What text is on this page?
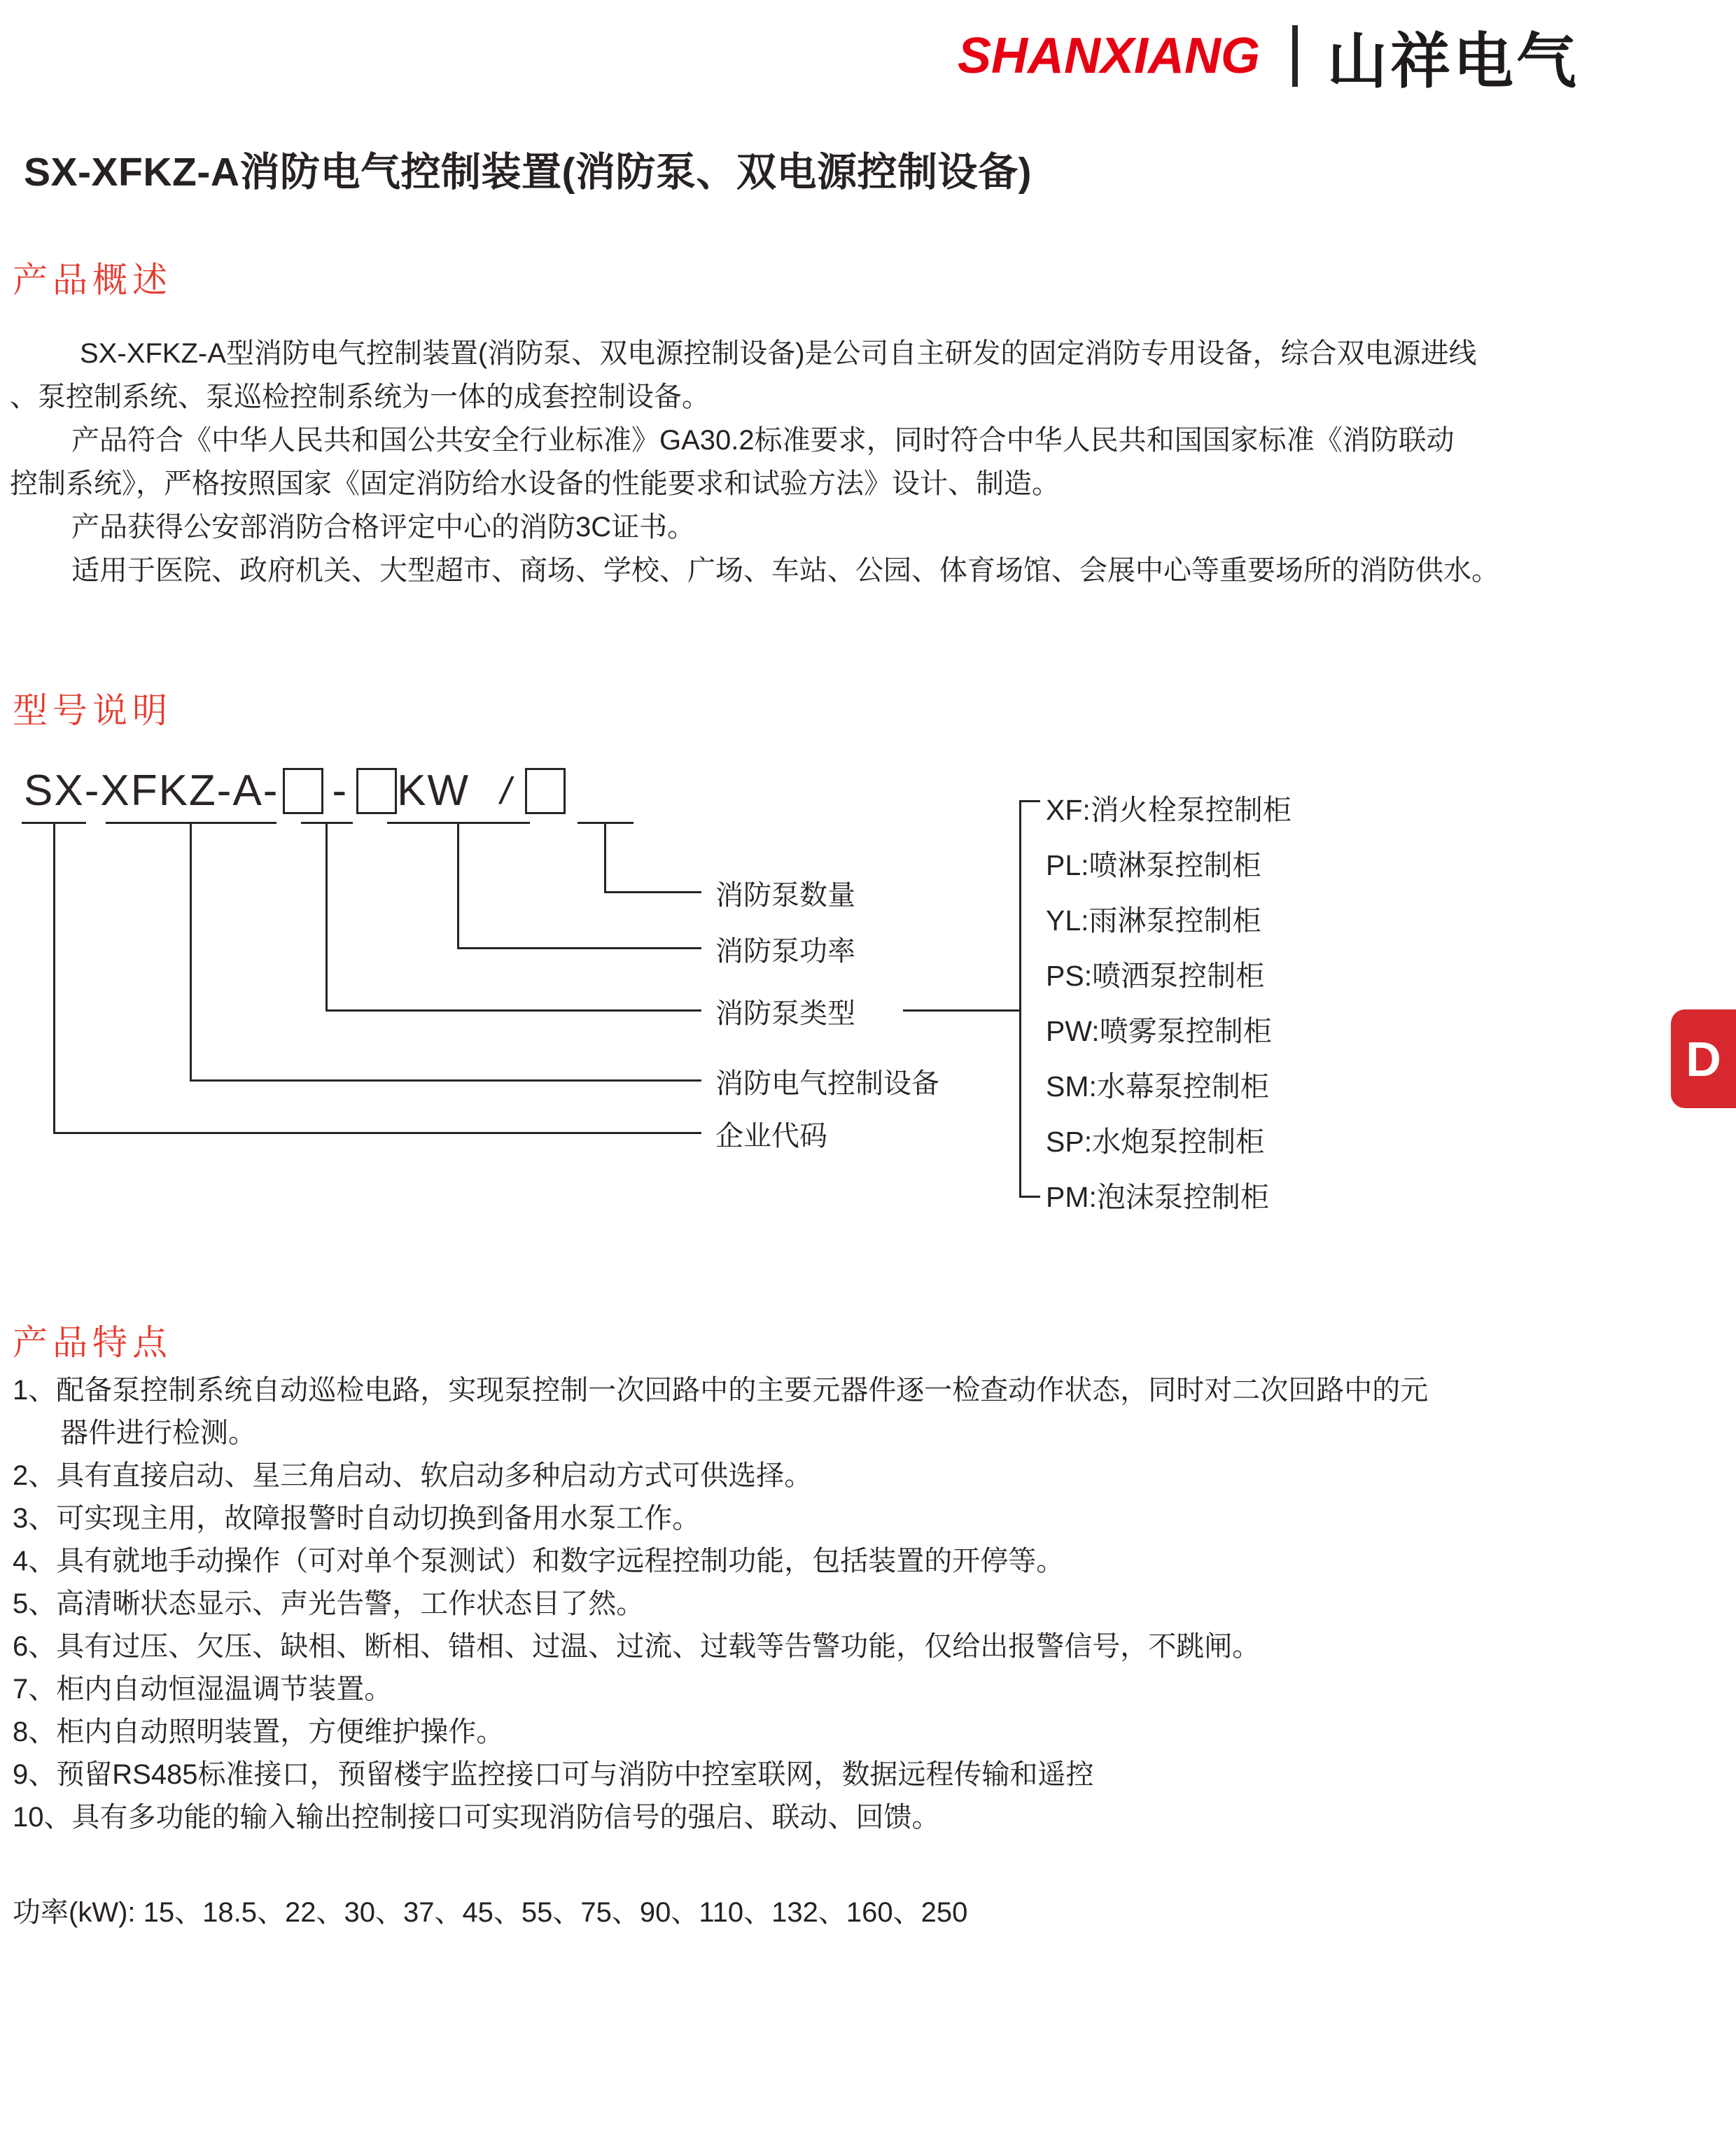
SHANXIANG 山祥电气
SX-XFKZ-A消防电气控制装置(消防泵、双电源控制设备)
产品概述
SX-XFKZ-A型消防电气控制装置(消防泵、双电源控制设备)是公司自主研发的固定消防专用设备，综合双电源进线
、泵控制系统、泵巡检控制系统为一体的成套控制设备。
产品符合《中华人民共和国公共安全行业标准》GA30.2标准要求，同时符合中华人民共和国国家标准《消防联动
控制系统》，严格按照国家《固定消防给水设备的性能要求和试验方法》设计、制造。
产品获得公安部消防合格评定中心的消防3C证书。
适用于医院、政府机关、大型超市、商场、学校、广场、车站、公园、体育场馆、会展中心等重要场所的消防供水。
型号说明
SX-XFKZ-A- - KW /
消防泵数量
消防泵功率
消防泵类型
消防电气控制设备
企业代码
XF:消火栓泵控制柜
PL:喷淋泵控制柜
YL:雨淋泵控制柜
PS:喷洒泵控制柜
PW:喷雾泵控制柜
SM:水幕泵控制柜
SP:水炮泵控制柜
PM:泡沫泵控制柜
D
产品特点
1、配备泵控制系统自动巡检电路，实现泵控制一次回路中的主要元器件逐一检查动作状态，同时对二次回路中的元
器件进行检测。
2、具有直接启动、星三角启动、软启动多种启动方式可供选择。
3、可实现主用，故障报警时自动切换到备用水泵工作。
4、具有就地手动操作（可对单个泵测试）和数字远程控制功能，包括装置的开停等。
5、高清晰状态显示、声光告警，工作状态目了然。
6、具有过压、欠压、缺相、断相、错相、过温、过流、过载等告警功能，仅给出报警信号，不跳闸。
7、柜内自动恒湿温调节装置。
8、柜内自动照明装置，方便维护操作。
9、预留RS485标准接口，预留楼宇监控接口可与消防中控室联网，数据远程传输和遥控
10、具有多功能的输入输出控制接口可实现消防信号的强启、联动、回馈。
功率(kW): 15、18.5、22、30、37、45、55、75、90、110、132、160、250
